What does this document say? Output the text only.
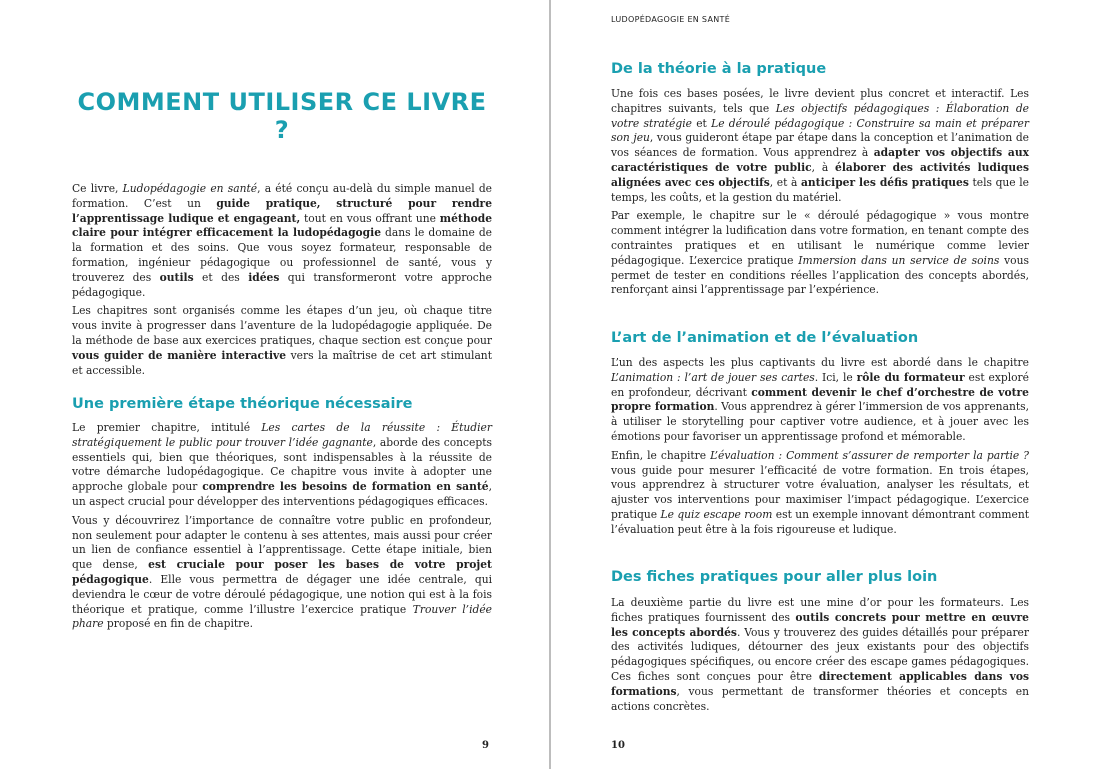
COMMENT UTILISER CE LIVRE ?

Ce livre, Ludopédagogie en santé, a été conçu au-delà du simple manuel de formation. C’est un guide pratique, structuré pour rendre l’apprentissage ludique et engageant, tout en vous offrant une méthode claire pour intégrer efficacement la ludopédagogie dans le domaine de la formation et des soins. Que vous soyez formateur, responsable de formation, ingénieur pédagogique ou professionnel de santé, vous y trouverez des outils et des idées qui transformeront votre approche pédagogique.

Les chapitres sont organisés comme les étapes d’un jeu, où chaque titre vous invite à progresser dans l’aventure de la ludopédagogie appliquée. De la méthode de base aux exercices pratiques, chaque section est conçue pour vous guider de manière interactive vers la maîtrise de cet art stimulant et accessible.

Une première étape théorique nécessaire

Le premier chapitre, intitulé Les cartes de la réussite : Étudier stratégiquement le public pour trouver l’idée gagnante, aborde des concepts essentiels qui, bien que théoriques, sont indispensables à la réussite de votre démarche ludopédagogique. Ce chapitre vous invite à adopter une approche globale pour comprendre les besoins de formation en santé, un aspect crucial pour développer des interventions pédagogiques efficaces.

Vous y découvrirez l’importance de connaître votre public en profondeur, non seulement pour adapter le contenu à ses attentes, mais aussi pour créer un lien de confiance essentiel à l’apprentissage. Cette étape initiale, bien que dense, est cruciale pour poser les bases de votre projet pédagogique. Elle vous permettra de dégager une idée centrale, qui deviendra le cœur de votre déroulé pédagogique, une notion qui est à la fois théorique et pratique, comme l’illustre l’exercice pratique Trouver l’idée phare proposé en fin de chapitre.

9
LUDOPÉDAGOGIE EN SANTÉ
De la théorie à la pratique

Une fois ces bases posées, le livre devient plus concret et interactif. Les chapitres suivants, tels que Les objectifs pédagogiques : Élaboration de votre stratégie et Le déroulé pédagogique : Construire sa main et préparer son jeu, vous guideront étape par étape dans la conception et l’animation de vos séances de formation. Vous apprendrez à adapter vos objectifs aux caractéristiques de votre public, à élaborer des activités ludiques alignées avec ces objectifs, et à anticiper les défis pratiques tels que le temps, les coûts, et la gestion du matériel.

Par exemple, le chapitre sur le « déroulé pédagogique » vous montre comment intégrer la ludification dans votre formation, en tenant compte des contraintes pratiques et en utilisant le numérique comme levier pédagogique. L’exercice pratique Immersion dans un service de soins vous permet de tester en conditions réelles l’application des concepts abordés, renforçant ainsi l’apprentissage par l’expérience.

L’art de l’animation et de l’évaluation

L’un des aspects les plus captivants du livre est abordé dans le chapitre L’animation : l’art de jouer ses cartes. Ici, le rôle du formateur est exploré en profondeur, décrivant comment devenir le chef d’orchestre de votre propre formation. Vous apprendrez à gérer l’immersion de vos apprenants, à utiliser le storytelling pour captiver votre audience, et à jouer avec les émotions pour favoriser un apprentissage profond et mémorable.

Enfin, le chapitre L’évaluation : Comment s’assurer de remporter la partie ? vous guide pour mesurer l’efficacité de votre formation. En trois étapes, vous apprendrez à structurer votre évaluation, analyser les résultats, et ajuster vos interventions pour maximiser l’impact pédagogique. L’exercice pratique Le quiz escape room est un exemple innovant démontrant comment l’évaluation peut être à la fois rigoureuse et ludique.

Des fiches pratiques pour aller plus loin

La deuxième partie du livre est une mine d’or pour les formateurs. Les fiches pratiques fournissent des outils concrets pour mettre en œuvre les concepts abordés. Vous y trouverez des guides détaillés pour préparer des activités ludiques, détourner des jeux existants pour des objectifs pédagogiques spécifiques, ou encore créer des escape games pédagogiques. Ces fiches sont conçues pour être directement applicables dans vos formations, vous permettant de transformer théories et concepts en actions concrètes.

10
